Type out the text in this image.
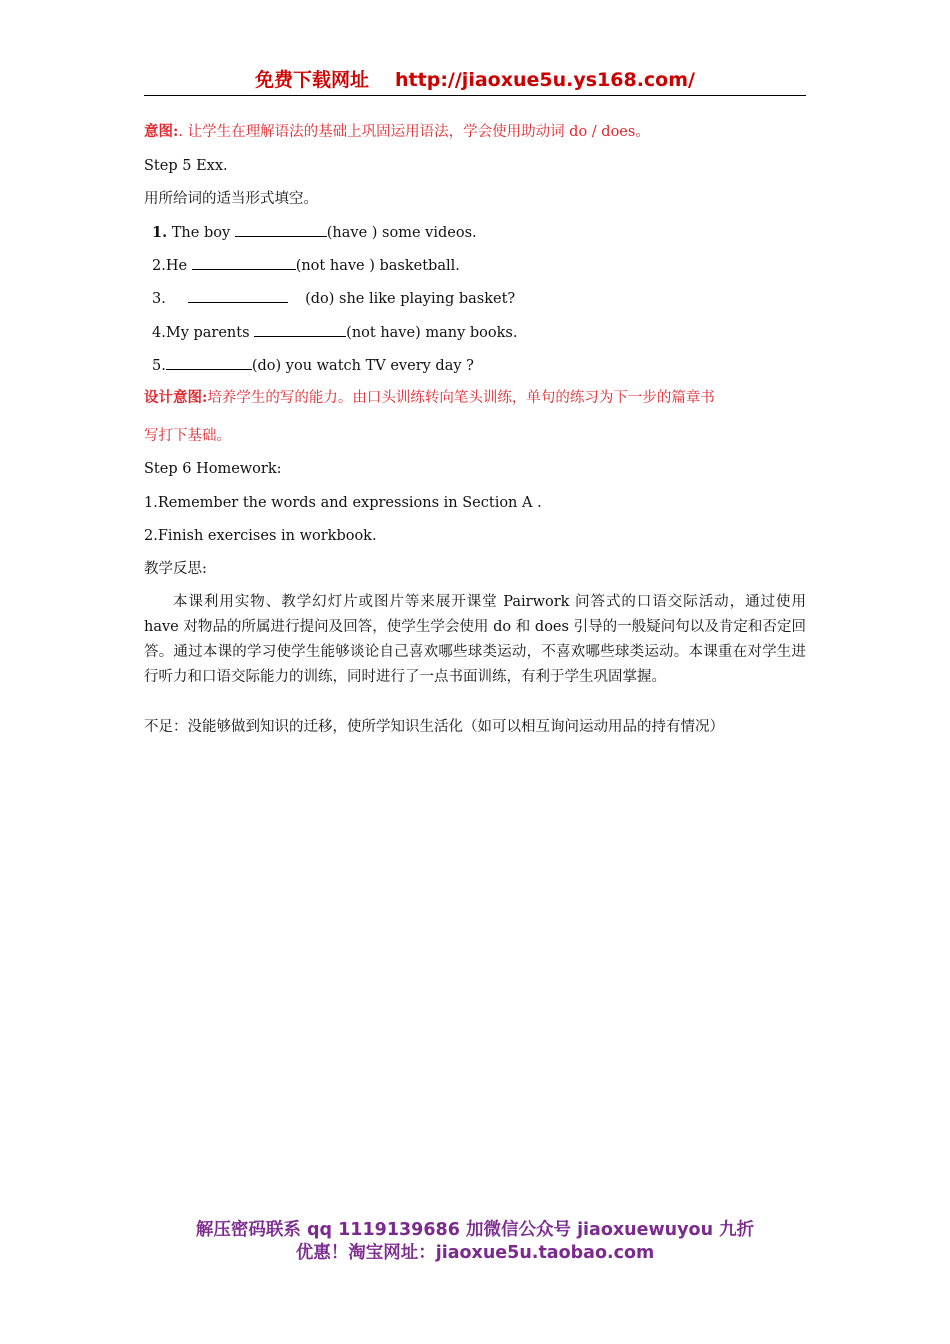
免费下载网址 http://jiaoxue5u.ys168.com/
意图:. 让学生在理解语法的基础上巩固运用语法，学会使用助动词 do / does。
Step 5 Exx.
用所给词的适当形式填空。
1. The boy	(have ) some videos.
2.He	(not have ) basketball.
3.	(do) she like playing basket?
4.My parents	(not have) many books.
5.	(do) you watch TV every day ?
设计意图:培养学生的写的能力。由口头训练转向笔头训练，单句的练习为下一步的篇章书
写打下基础。
Step 6 Homework:
1.Remember the words and expressions in Section A .
2.Finish exercises in workbook.
教学反思:
本课利用实物、教学幻灯片或图片等来展开课堂 Pairwork 问答式的口语交际活动，通过使用 have 对物品的所属进行提问及回答，使学生学会使用 do 和 does 引导的一般疑问句以及肯定和否定回答。通过本课的学习使学生能够谈论自己喜欢哪些球类运动，不喜欢哪些球类运动。本课重在对学生进行听力和口语交际能力的训练，同时进行了一点书面训练，有利于学生巩固掌握。
不足：没能够做到知识的迁移，使所学知识生活化（如可以相互询问运动用品的持有情况）
解压密码联系 qq 1119139686 加微信公众号 jiaoxuewuyou 九折
优惠！淘宝网址：jiaoxue5u.taobao.com
